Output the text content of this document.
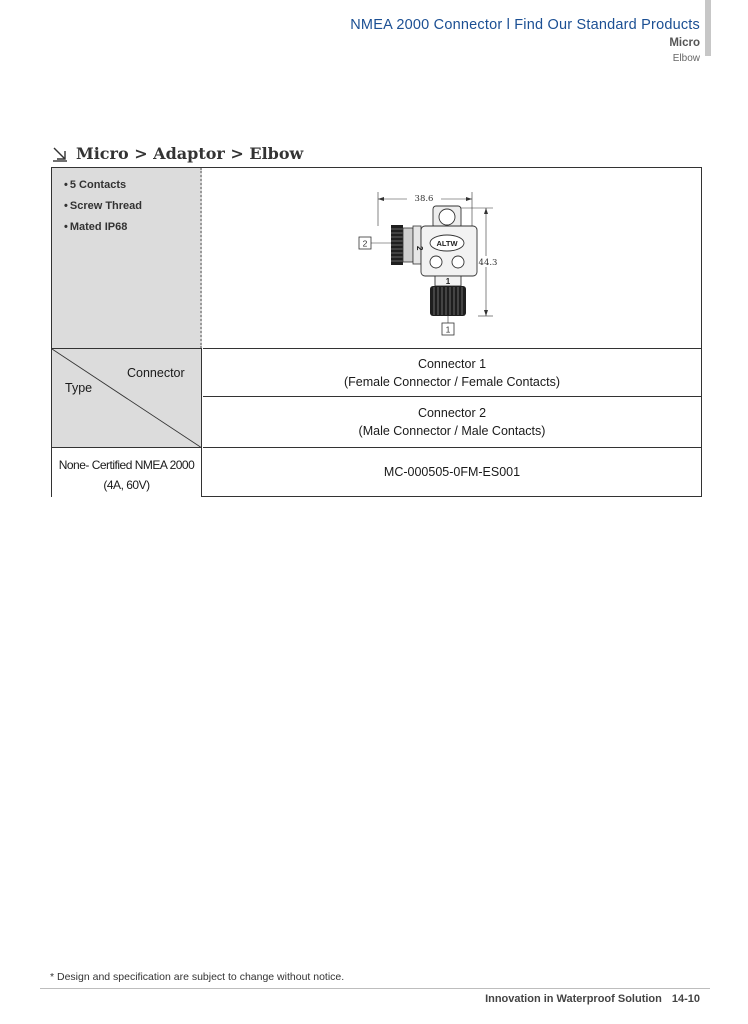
NMEA 2000 Connector l Find Our Standard Products
Micro
Elbow
Micro > Adaptor > Elbow
• 5 Contacts
• Screw Thread
• Mated IP68
38.6
44.3
2
ALTW
1
2
1
Connector
Type
Connector 1
(Female Connector / Female Contacts)
Connector 2
(Male Connector / Male Contacts)
None- Certified NMEA 2000
(4A, 60V)
MC-000505-0FM-ES001
* Design and specification are subject to change without notice.
Innovation in Waterproof Solution 14-10
